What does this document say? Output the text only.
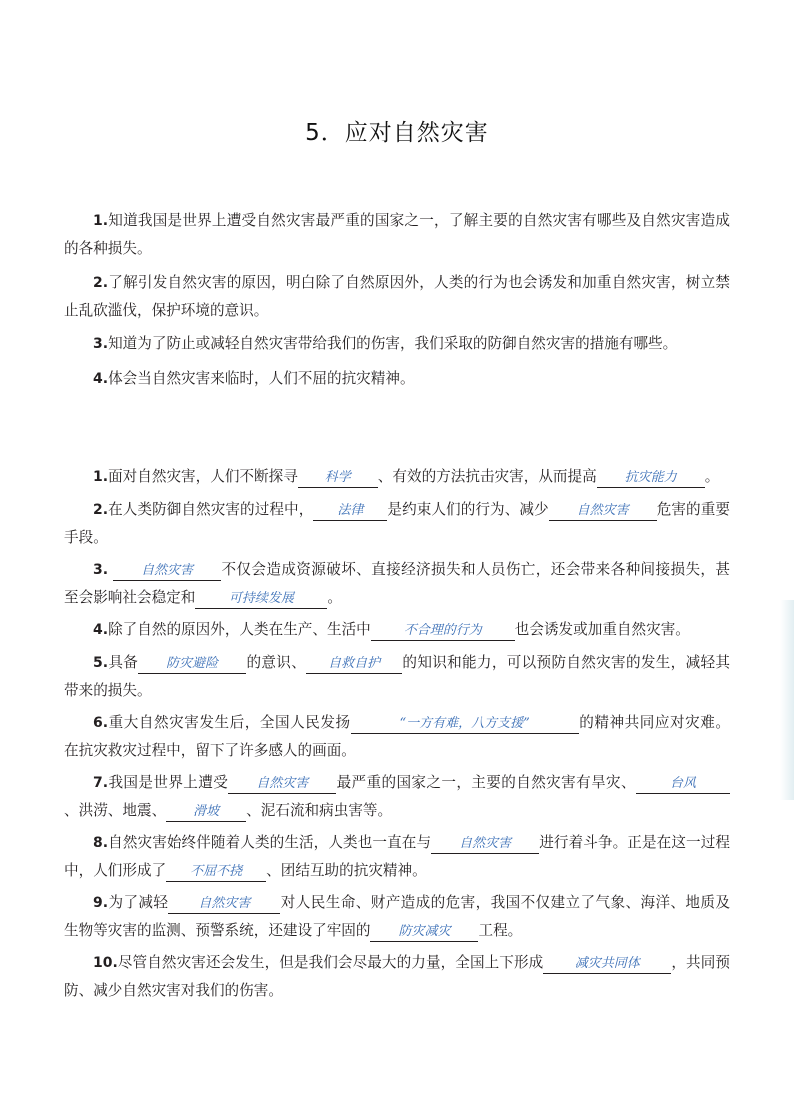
5．应对自然灾害

1.知道我国是世界上遭受自然灾害最严重的国家之一，了解主要的自然灾害有哪些及自然灾害造成的各种损失。

2.了解引发自然灾害的原因，明白除了自然原因外，人类的行为也会诱发和加重自然灾害，树立禁止乱砍滥伐，保护环境的意识。

3.知道为了防止或减轻自然灾害带给我们的伤害，我们采取的防御自然灾害的措施有哪些。

4.体会当自然灾害来临时，人们不屈的抗灾精神。

1.面对自然灾害，人们不断探寻 科学 、有效的方法抗击灾害，从而提高 抗灾能力 。

2.在人类防御自然灾害的过程中， 法律 是约束人们的行为、减少 自然灾害 危害的重要手段。

3.	自然灾害 不仅会造成资源破坏、直接经济损失和人员伤亡，还会带来各种间接损失，甚至会影响社会稳定和	可持续发展 。

4.除了自然的原因外，人类在生产、生活中	不合理的行为 也会诱发或加重自然灾害。

5.具备 防灾避险 的意识、 自救自护 的知识和能力，可以预防自然灾害的发生，减轻其带来的损失。

6.重大自然灾害发生后，全国人民发扬	“一方有难，八方支援”	的精神共同应对灾难。在抗灾救灾过程中，留下了许多感人的画面。

7.我国是世界上遭受 自然灾害 最严重的国家之一，主要的自然灾害有旱灾、	台风、洪涝、地震、 滑坡 、泥石流和病虫害等。

8.自然灾害始终伴随着人类的生活，人类也一直在与 自然灾害 进行着斗争。正是在这一过程中，人们形成了 不屈不挠 、团结互助的抗灾精神。

9.为了减轻 自然灾害 对人民生命、财产造成的危害，我国不仅建立了气象、海洋、地质及生物等灾害的监测、预警系统，还建设了牢固的 防灾减灾 工程。

10.尽管自然灾害还会发生，但是我们会尽最大的力量，全国上下形成 减灾共同体 ，共同预防、减少自然灾害对我们的伤害。
